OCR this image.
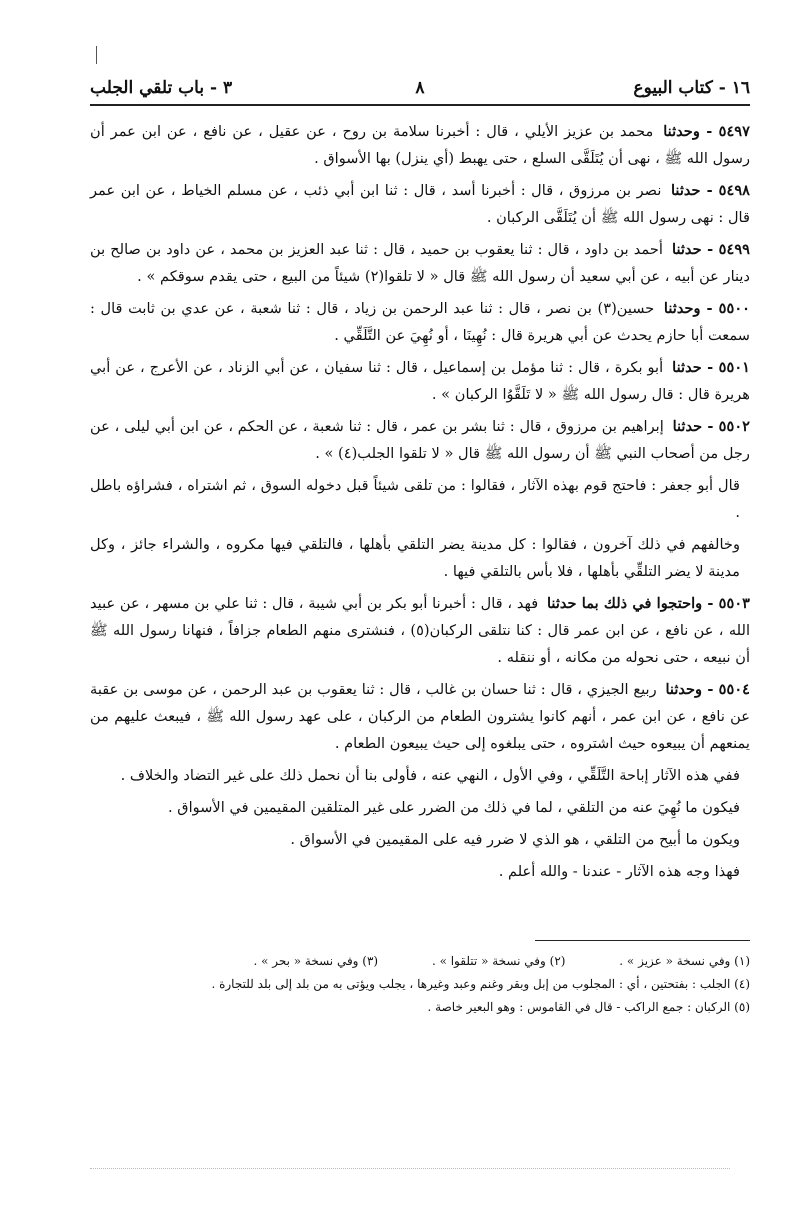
١٦ - كتاب البيوع
٨
٣ - باب تلقي الجلب

٥٤٩٧ - وحدثنا محمد بن عزيز الأيلي ، قال : أخبرنا سلامة بن روح ، عن عقيل ، عن نافع ، عن ابن عمر أن رسول الله ﷺ ، نهى أن يُتَلَقَّى السلع ، حتى يهبط (أي ينزل) بها الأسواق .

٥٤٩٨ - حدثنا نصر بن مرزوق ، قال : أخبرنا أسد ، قال : ثنا ابن أبي ذئب ، عن مسلم الخياط ، عن ابن عمر قال : نهى رسول الله ﷺ أن يُتَلَقَّى الركبان .

٥٤٩٩ - حدثنا أحمد بن داود ، قال : ثنا يعقوب بن حميد ، قال : ثنا عبد العزيز بن محمد ، عن داود بن صالح بن دينار عن أبيه ، عن أبي سعيد أن رسول الله ﷺ قال « لا تلقوا(٢) شيئاً من البيع ، حتى يقدم سوقكم » .

٥٥٠٠ - وحدثنا حسين(٣) بن نصر ، قال : ثنا عبد الرحمن بن زياد ، قال : ثنا شعبة ، عن عدي بن ثابت قال : سمعت أبا حازم يحدث عن أبي هريرة قال : نُهِينَا ، أو نُهِيَ عن التَّلَقِّي .

٥٥٠١ - حدثنا أبو بكرة ، قال : ثنا مؤمل بن إسماعيل ، قال : ثنا سفيان ، عن أبي الزناد ، عن الأعرج ، عن أبي هريرة قال : قال رسول الله ﷺ « لا تَلَقَّوُا الركبان » .

٥٥٠٢ - حدثنا إبراهيم بن مرزوق ، قال : ثنا بشر بن عمر ، قال : ثنا شعبة ، عن الحكم ، عن ابن أبي ليلى ، عن رجل من أصحاب النبي ﷺ أن رسول الله ﷺ قال « لا تلقوا الجلب(٤) » .

قال أبو جعفر : فاحتج قوم بهذه الآثار ، فقالوا : من تلقى شيئاً قبل دخوله السوق ، ثم اشتراه ، فشراؤه باطل .

وخالفهم في ذلك آخرون ، فقالوا : كل مدينة يضر التلقي بأهلها ، فالتلقي فيها مكروه ، والشراء جائز ، وكل مدينة لا يضر التلقِّي بأهلها ، فلا بأس بالتلقي فيها .

٥٥٠٣ - واحتجوا في ذلك بما حدثنا فهد ، قال : أخبرنا أبو بكر بن أبي شيبة ، قال : ثنا علي بن مسهر ، عن عبيد الله ، عن نافع ، عن ابن عمر قال : كنا نتلقى الركبان(٥) ، فنشترى منهم الطعام جزافاً ، فنهانا رسول الله ﷺ أن نبيعه ، حتى نحوله من مكانه ، أو ننقله .

٥٥٠٤ - وحدثنا ربيع الجيزي ، قال : ثنا حسان بن غالب ، قال : ثنا يعقوب بن عبد الرحمن ، عن موسى بن عقبة عن نافع ، عن ابن عمر ، أنهم كانوا يشترون الطعام من الركبان ، على عهد رسول الله ﷺ ، فيبعث عليهم من يمنعهم أن يبيعوه حيث اشتروه ، حتى يبلغوه إلى حيث يبيعون الطعام .

ففي هذه الآثار إباحة التَّلَقِّي ، وفي الأول ، النهي عنه ، فأولى بنا أن نحمل ذلك على غير التضاد والخلاف .

فيكون ما نُهِيَ عنه من التلقي ، لما في ذلك من الضرر على غير المتلقين المقيمين في الأسواق .

ويكون ما أبيح من التلقي ، هو الذي لا ضرر فيه على المقيمين في الأسواق .

فهذا وجه هذه الآثار - عندنا - والله أعلم .

(١) وفي نسخة « عزيز » . (٢) وفي نسخة « تتلقوا » . (٣) وفي نسخة « بحر » .
(٤) الجلب : بفتحتين ، أي : المجلوب من إبل وبقر وغنم وعبد وغيرها ، يجلب ويؤتى به من بلد إلى بلد للتجارة .
(٥) الركبان : جمع الراكب - قال في القاموس : وهو البعير خاصة .
